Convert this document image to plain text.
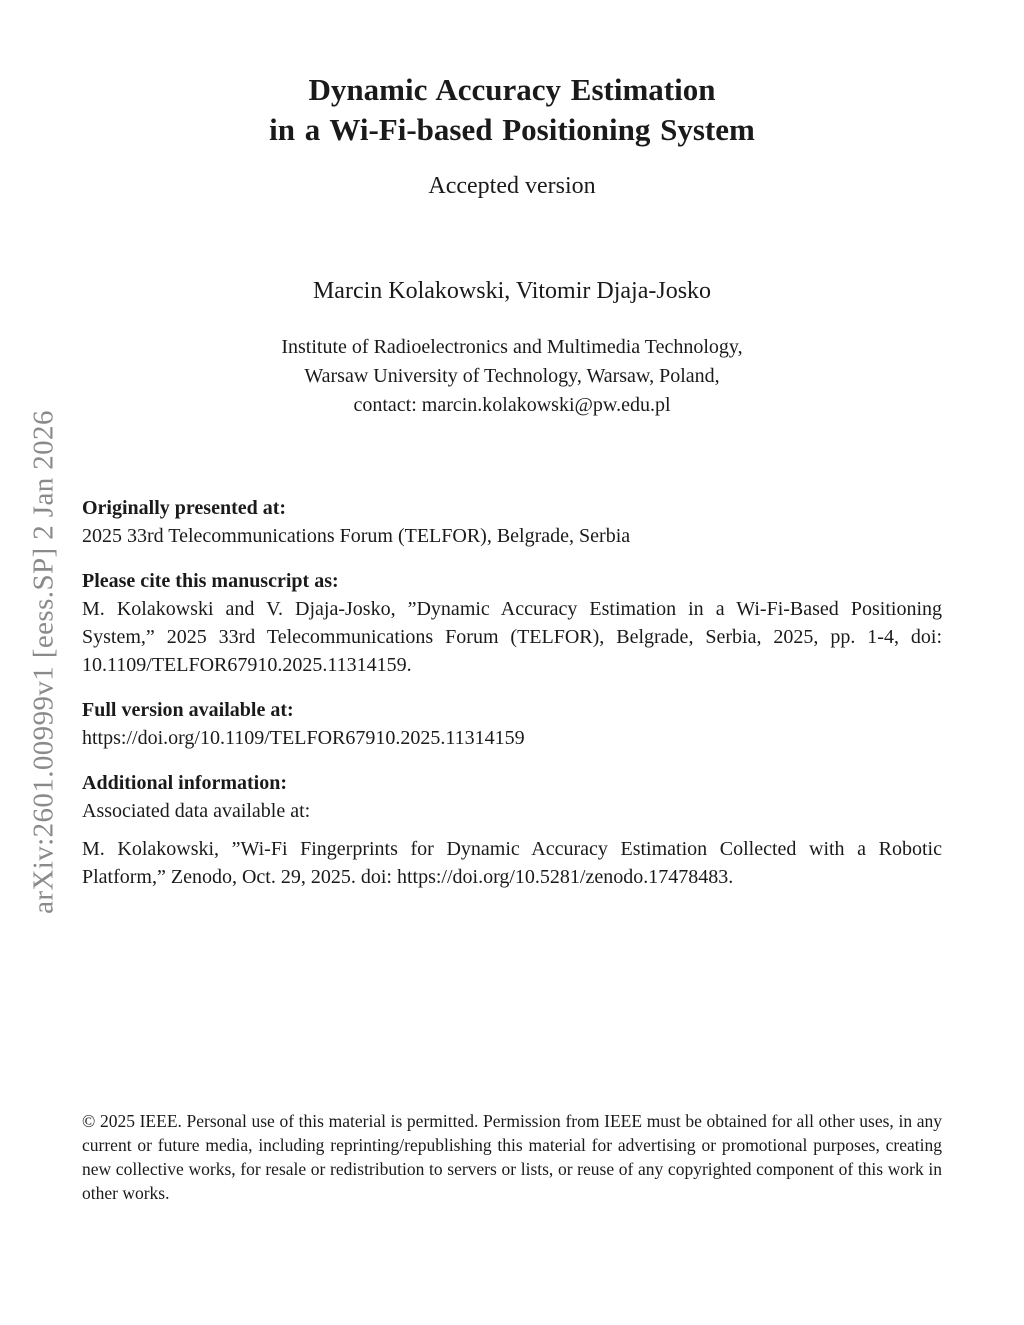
arXiv:2601.00999v1 [eess.SP] 2 Jan 2026
Dynamic Accuracy Estimation
in a Wi-Fi-based Positioning System
Accepted version
Marcin Kolakowski, Vitomir Djaja-Josko
Institute of Radioelectronics and Multimedia Technology,
Warsaw University of Technology, Warsaw, Poland,
contact: marcin.kolakowski@pw.edu.pl
Originally presented at:
2025 33rd Telecommunications Forum (TELFOR), Belgrade, Serbia
Please cite this manuscript as:
M. Kolakowski and V. Djaja-Josko, ”Dynamic Accuracy Estimation in a Wi-Fi-Based Positioning System,” 2025 33rd Telecommunications Forum (TELFOR), Belgrade, Serbia, 2025, pp. 1-4, doi: 10.1109/TELFOR67910.2025.11314159.
Full version available at:
https://doi.org/10.1109/TELFOR67910.2025.11314159
Additional information:
Associated data available at:
M. Kolakowski, ”Wi-Fi Fingerprints for Dynamic Accuracy Estimation Collected with a Robotic Platform,” Zenodo, Oct. 29, 2025. doi: https://doi.org/10.5281/zenodo.17478483.
© 2025 IEEE. Personal use of this material is permitted. Permission from IEEE must be obtained for all other uses, in any current or future media, including reprinting/republishing this material for advertising or promotional purposes, creating new collective works, for resale or redistribution to servers or lists, or reuse of any copyrighted component of this work in other works.
